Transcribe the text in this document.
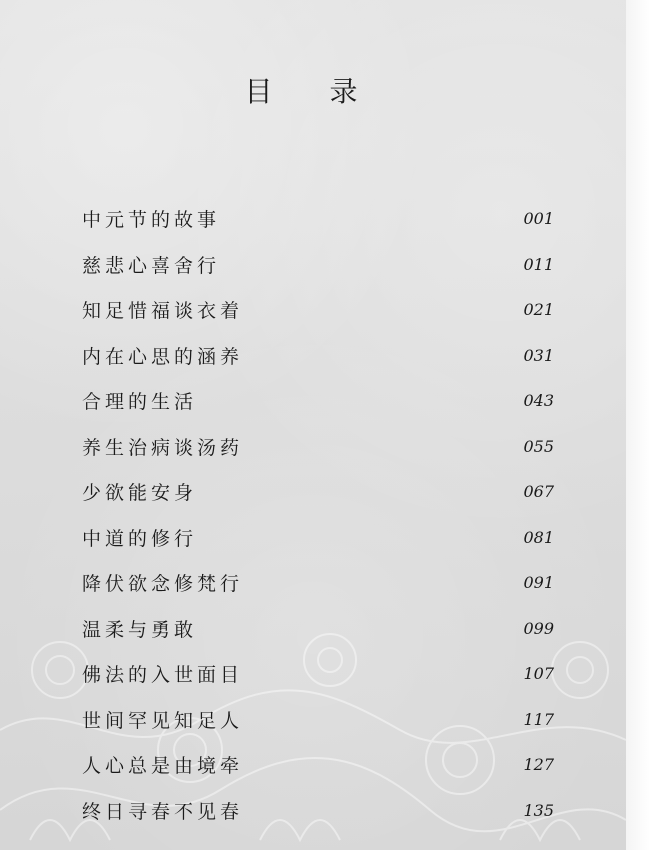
目 录
中元节的故事	001
慈悲心喜舍行	011
知足惜福谈衣着	021
内在心思的涵养	031
合理的生活	043
养生治病谈汤药	055
少欲能安身	067
中道的修行	081
降伏欲念修梵行	091
温柔与勇敢	099
佛法的入世面目	107
世间罕见知足人	117
人心总是由境牵	127
终日寻春不见春	135
